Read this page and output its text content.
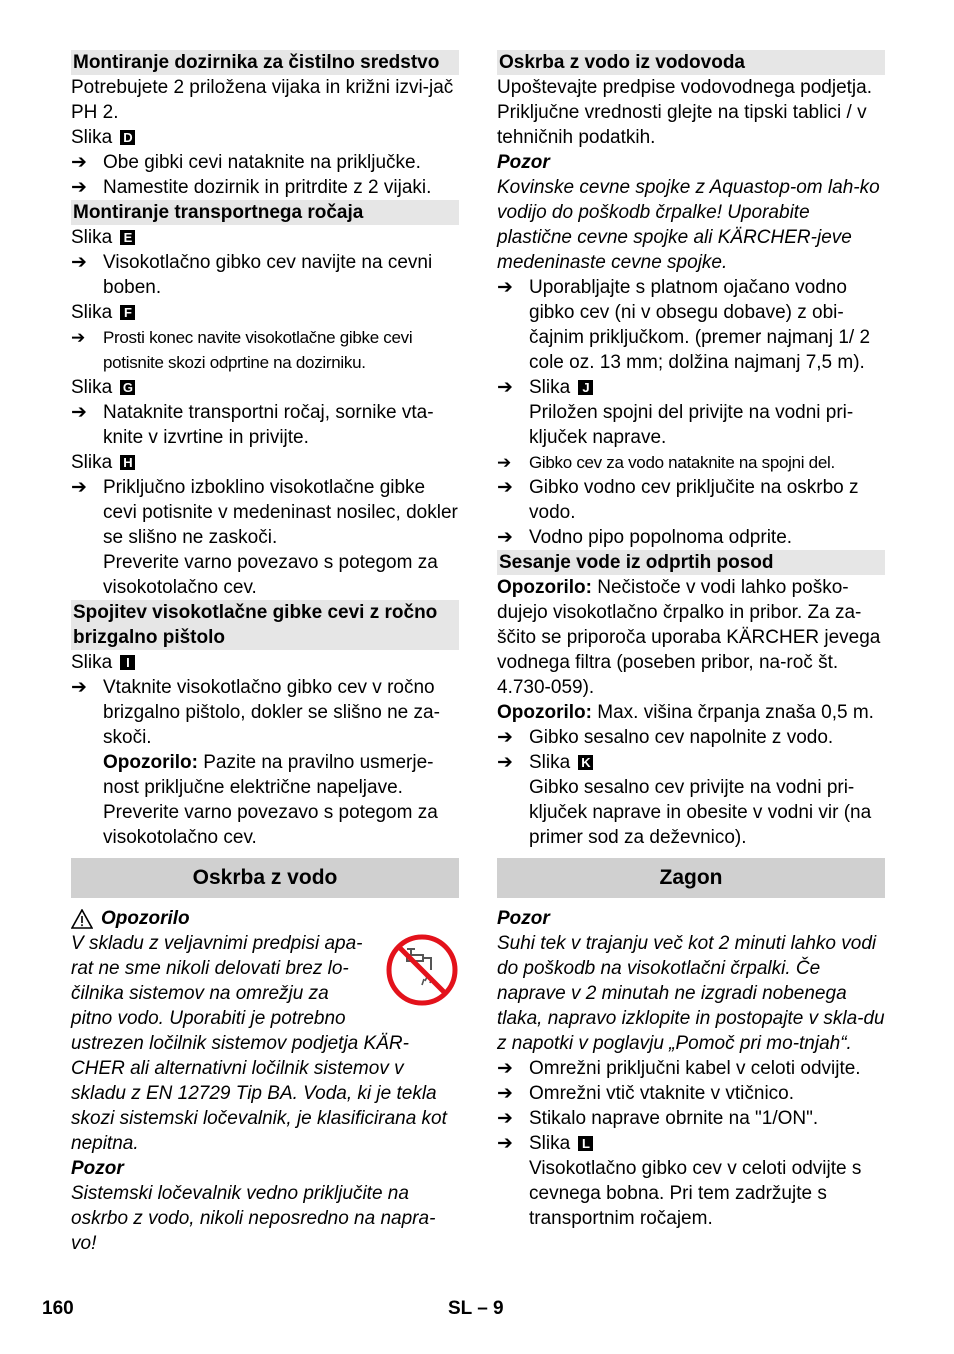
Montiranje dozirnika za čistilno sredstvo
Potrebujete 2 priložena vijaka in križni izvi-jač PH 2.
Slika D
➔ Obe gibki cevi nataknite na priključke.
➔ Namestite dozirnik in pritrdite z 2 vijaki.
Montiranje transportnega ročaja
Slika E
➔ Visokotlačno gibko cev navijte na cevni boben.
Slika F
➔	Prosti konec navite visokotlačne gibke cevi potisnite skozi odprtine na dozirniku.
Slika G
➔ Nataknite transportni ročaj, sornike vta-knite v izvrtine in privijte.
Slika H
➔ Priključno izboklino visokotlačne gibke cevi potisnite v medeninast nosilec, dokler se slišno ne zaskoči.
Preverite varno povezavo s potegom za visokotolačno cev.
Spojitev visokotlačne gibke cevi z ročno brizgalno pištolo
Slika I
➔ Vtaknite visokotlačno gibko cev v ročno brizgalno pištolo, dokler se slišno ne za-skoči.
Opozorilo: Pazite na pravilno usmerje-nost priključne električne napeljave.
Preverite varno povezavo s potegom za visokotolačno cev.
Oskrba z vodo
Opozorilo
V skladu z veljavnimi predpisi apa-rat ne sme nikoli delovati brez lo-čilnika sistemov na omrežju za pitno vodo. Uporabiti je potrebno ustrezen ločilnik sistemov podjetja KÄR-CHER ali alternativni ločilnik sistemov v skladu z EN 12729 Tip BA. Voda, ki je tekla skozi sistemski ločevalnik, je klasificirana kot nepitna.
Pozor
Sistemski ločevalnik vedno priključite na oskrbo z vodo, nikoli neposredno na naprа-vo!
Oskrba z vodo iz vodovoda
Upoštevajte predpise vodovodnega podjetja. Priključne vrednosti glejte na tipski tablici / v tehničnih podatkih.
Pozor
Kovinske cevne spojke z Aquastop-om lah-ko vodijo do poškodb črpalke! Uporabite plastične cevne spojke ali KÄRCHER-jeve medeninaste cevne spojke.
➔ Uporabljajte s platnom ojačano vodno gibko cev (ni v obsegu dobave) z obi-čajnim priključkom. (premer najmanj 1/ 2 cole oz. 13 mm; dolžina najmanj 7,5 m).
➔ Slika J
Priložen spojni del privijte na vodni pri-ključek naprave.
➔	Gibko cev za vodo nataknite na spojni del.
➔ Gibko vodno cev priključite na oskrbo z vodo.
➔ Vodno pipo popolnoma odprite.
Sesanje vode iz odprtih posod
Opozorilo: Nečistoče v vodi lahko poško-dujejo visokotlačno črpalko in pribor. Za za-ščito se priporoča uporaba KÄRCHER jevega vodnega filtra (poseben pribor, na-roč št. 4.730-059).
Opozorilo: Max. višina črpanja znaša 0,5 m.
➔ Gibko sesalno cev napolnite z vodo.
➔ Slika K
Gibko sesalno cev privijte na vodni pri-ključek naprave in obesite v vodni vir (na primer sod za deževnico).
Zagon
Pozor
Suhi tek v trajanju več kot 2 minuti lahko vodi do poškodb na visokotlačni črpalki. Če naprave v 2 minutah ne izgradi nobenega tlaka, napravo izklopite in postopajte v skla-du z napotki v poglavju „Pomoč pri mo-tnjah“.
➔ Omrežni priključni kabel v celoti odvijte.
➔ Omrežni vtič vtaknite v vtičnico.
➔ Stikalo naprave obrnite na "1/ON".
➔ Slika L
Visokotlačno gibko cev v celoti odvijte s cevnega bobna. Pri tem zadržujte s transportnim ročajem.
160	SL – 9
